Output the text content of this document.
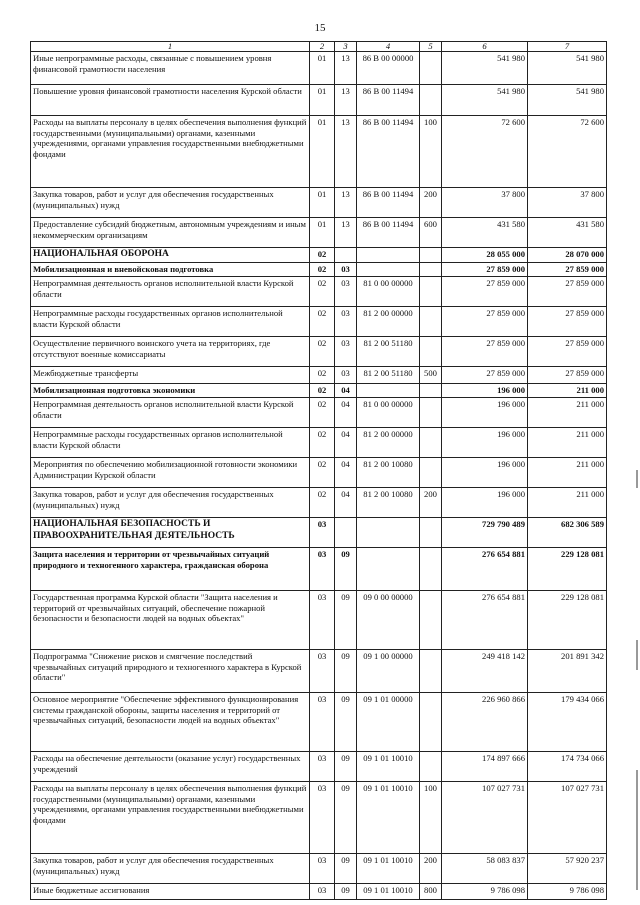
15
1	2	3	4	5	6	7
Иные непрограммные расходы, связанные с повышением уровня финансовой грамотности населения	01	13	86 В 00 00000		541 980	541 980
Повышение уровня финансовой грамотности населения Курской области	01	13	86 В 00 11494		541 980	541 980
Расходы на выплаты персоналу в целях обеспечения выполнения функций государственными (муниципальными) органами, казенными учреждениями, органами управления государственными внебюджетными фондами	01	13	86 В 00 11494	100	72 600	72 600
Закупка товаров, работ и услуг для обеспечения государственных (муниципальных) нужд	01	13	86 В 00 11494	200	37 800	37 800
Предоставление субсидий бюджетным, автономным учреждениям и иным некоммерческим организациям	01	13	86 В 00 11494	600	431 580	431 580
НАЦИОНАЛЬНАЯ ОБОРОНА	02				28 055 000	28 070 000
Мобилизационная и вневойсковая подготовка	02	03			27 859 000	27 859 000
Непрограммная деятельность органов исполнительной власти Курской области	02	03	81 0 00 00000		27 859 000	27 859 000
Непрограммные расходы государственных органов исполнительной власти Курской области	02	03	81 2 00 00000		27 859 000	27 859 000
Осуществление первичного воинского учета на территориях, где отсутствуют военные комиссариаты	02	03	81 2 00 51180		27 859 000	27 859 000
Межбюджетные трансферты	02	03	81 2 00 51180	500	27 859 000	27 859 000
Мобилизационная подготовка экономики	02	04			196 000	211 000
Непрограммная деятельность органов исполнительной власти Курской области	02	04	81 0 00 00000		196 000	211 000
Непрограммные расходы государственных органов исполнительной власти Курской области	02	04	81 2 00 00000		196 000	211 000
Мероприятия по обеспечению мобилизационной готовности экономики Администрации Курской области	02	04	81 2 00 10080		196 000	211 000
Закупка товаров, работ и услуг для обеспечения государственных (муниципальных) нужд	02	04	81 2 00 10080	200	196 000	211 000
НАЦИОНАЛЬНАЯ БЕЗОПАСНОСТЬ И ПРАВООХРАНИТЕЛЬНАЯ ДЕЯТЕЛЬНОСТЬ	03				729 790 489	682 306 589
Защита населения и территории от чрезвычайных ситуаций природного и техногенного характера, гражданская оборона	03	09			276 654 881	229 128 081
Государственная программа Курской области "Защита населения и территорий от чрезвычайных ситуаций, обеспечение пожарной безопасности и безопасности людей на водных объектах"	03	09	09 0 00 00000		276 654 881	229 128 081
Подпрограмма "Снижение рисков и смягчение последствий чрезвычайных ситуаций природного и техногенного характера в Курской области"	03	09	09 1 00 00000		249 418 142	201 891 342
Основное мероприятие "Обеспечение эффективного функционирования системы гражданской обороны, защиты населения и территорий от чрезвычайных ситуаций, безопасности людей на водных объектах"	03	09	09 1 01 00000		226 960 866	179 434 066
Расходы на обеспечение деятельности (оказание услуг) государственных учреждений	03	09	09 1 01 10010		174 897 666	174 734 066
Расходы на выплаты персоналу в целях обеспечения выполнения функций государственными (муниципальными) органами, казенными учреждениями, органами управления государственными внебюджетными фондами	03	09	09 1 01 10010	100	107 027 731	107 027 731
Закупка товаров, работ и услуг для обеспечения государственных (муниципальных) нужд	03	09	09 1 01 10010	200	58 083 837	57 920 237
Иные бюджетные ассигнования	03	09	09 1 01 10010	800	9 786 098	9 786 098
